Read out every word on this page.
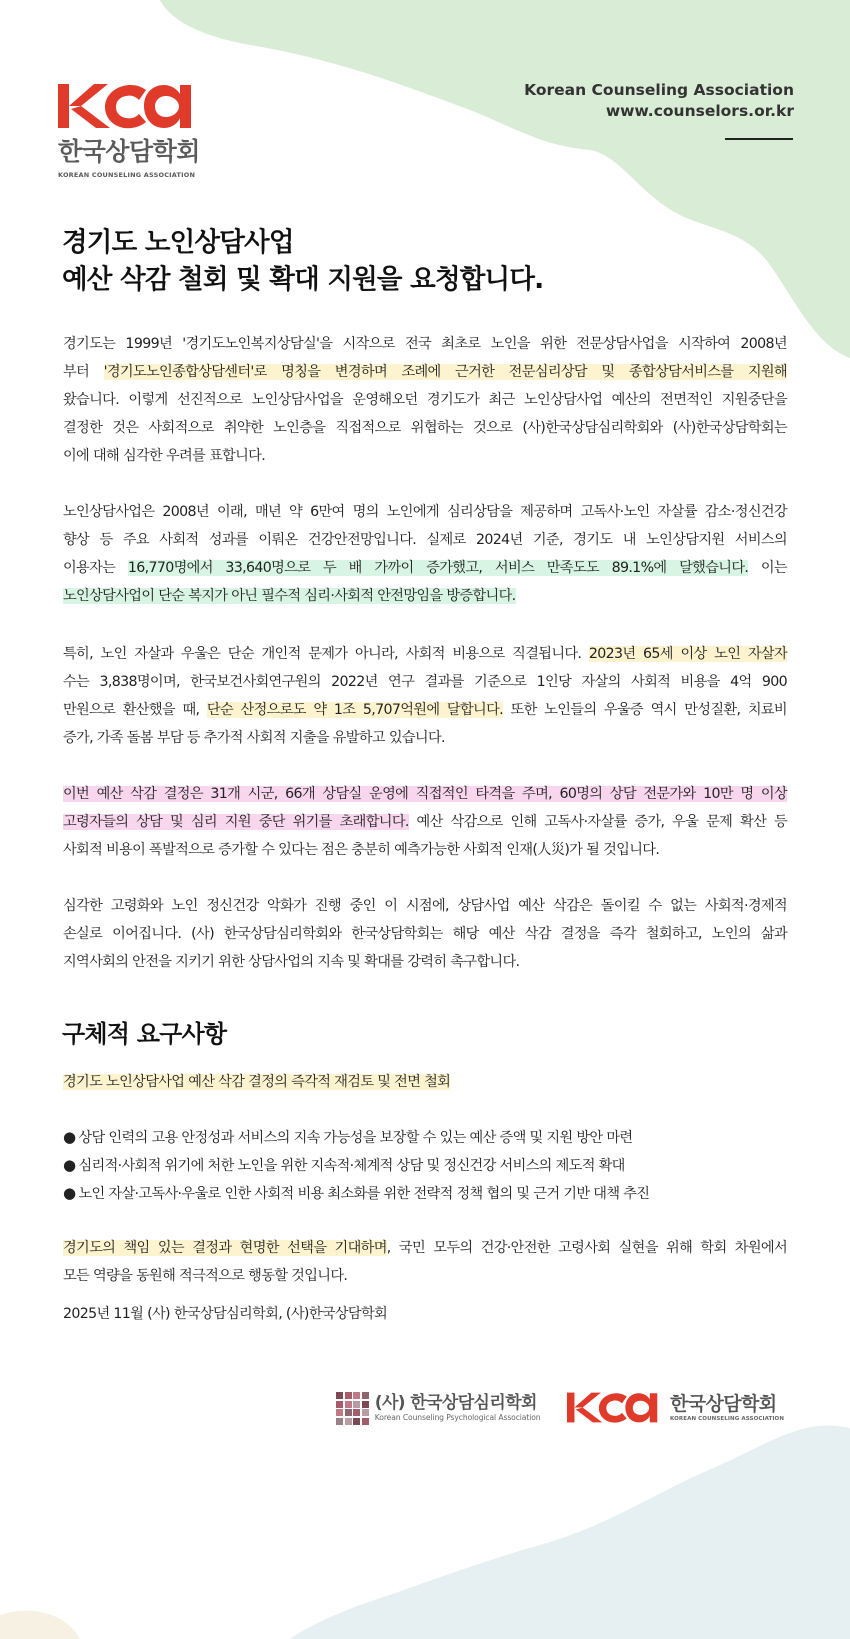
한국상담학회
KOREAN COUNSELING ASSOCIATION
Korean Counseling Association
www.counselors.or.kr
경기도 노인상담사업
예산 삭감 철회 및 확대 지원을 요청합니다.
경기도는 1999년 '경기도노인복지상담실'을 시작으로 전국 최초로 노인을 위한 전문상담사업을 시작하여 2008년
부터 '경기도노인종합상담센터'로 명칭을 변경하며 조례에 근거한 전문심리상담 및 종합상담서비스를 지원해
왔습니다. 이렇게 선진적으로 노인상담사업을 운영해오던 경기도가 최근 노인상담사업 예산의 전면적인 지원중단을
결정한 것은 사회적으로 취약한 노인층을 직접적으로 위협하는 것으로 (사)한국상담심리학회와 (사)한국상담학회는
이에 대해 심각한 우려를 표합니다.
노인상담사업은 2008년 이래, 매년 약 6만여 명의 노인에게 심리상담을 제공하며 고독사·노인 자살률 감소·정신건강
향상 등 주요 사회적 성과를 이뤄온 건강안전망입니다. 실제로 2024년 기준, 경기도 내 노인상담지원 서비스의
이용자는 16,770명에서 33,640명으로 두 배 가까이 증가했고, 서비스 만족도도 89.1%에 달했습니다. 이는
노인상담사업이 단순 복지가 아닌 필수적 심리·사회적 안전망임을 방증합니다.
특히, 노인 자살과 우울은 단순 개인적 문제가 아니라, 사회적 비용으로 직결됩니다. 2023년 65세 이상 노인 자살자
수는 3,838명이며, 한국보건사회연구원의 2022년 연구 결과를 기준으로 1인당 자살의 사회적 비용을 4억 900
만원으로 환산했을 때, 단순 산정으로도 약 1조 5,707억원에 달합니다. 또한 노인들의 우울증 역시 만성질환, 치료비
증가, 가족 돌봄 부담 등 추가적 사회적 지출을 유발하고 있습니다.
이번 예산 삭감 결정은 31개 시군, 66개 상담실 운영에 직접적인 타격을 주며, 60명의 상담 전문가와 10만 명 이상
고령자들의 상담 및 심리 지원 중단 위기를 초래합니다. 예산 삭감으로 인해 고독사·자살률 증가, 우울 문제 확산 등
사회적 비용이 폭발적으로 증가할 수 있다는 점은 충분히 예측가능한 사회적 인재(人災)가 될 것입니다.
심각한 고령화와 노인 정신건강 악화가 진행 중인 이 시점에, 상담사업 예산 삭감은 돌이킬 수 없는 사회적·경제적
손실로 이어집니다. (사) 한국상담심리학회와 한국상담학회는 해당 예산 삭감 결정을 즉각 철회하고, 노인의 삶과
지역사회의 안전을 지키기 위한 상담사업의 지속 및 확대를 강력히 촉구합니다.
구체적 요구사항
경기도 노인상담사업 예산 삭감 결정의 즉각적 재검토 및 전면 철회
● 상담 인력의 고용 안정성과 서비스의 지속 가능성을 보장할 수 있는 예산 증액 및 지원 방안 마련
● 심리적·사회적 위기에 처한 노인을 위한 지속적·체계적 상담 및 정신건강 서비스의 제도적 확대
● 노인 자살·고독사·우울로 인한 사회적 비용 최소화를 위한 전략적 정책 협의 및 근거 기반 대책 추진
경기도의 책임 있는 결정과 현명한 선택을 기대하며, 국민 모두의 건강·안전한 고령사회 실현을 위해 학회 차원에서
모든 역량을 동원해 적극적으로 행동할 것입니다.
2025년 11월 (사) 한국상담심리학회, (사)한국상담학회
(사) 한국상담심리학회
Korean Counseling Psychological Association
한국상담학회
KOREAN COUNSELING ASSOCIATION
